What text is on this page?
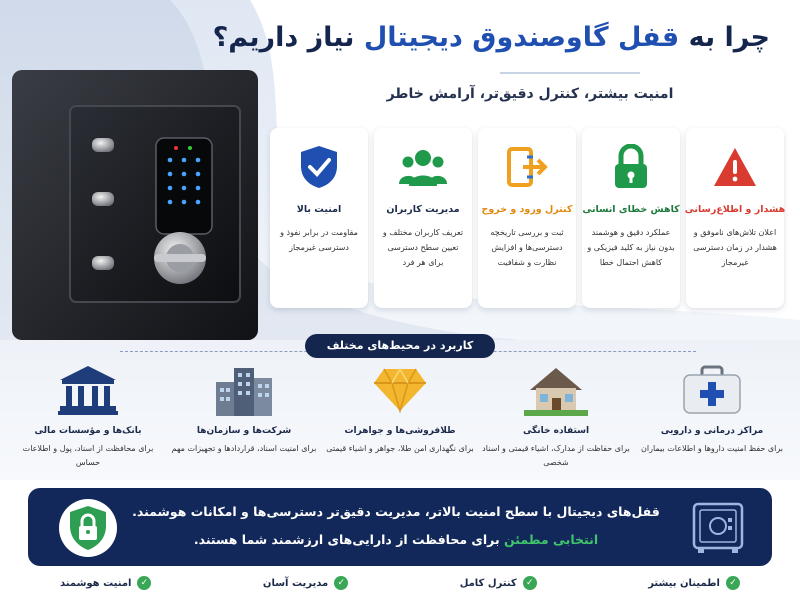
چرا به قفل گاوصندوق دیجیتال نیاز داریم؟
امنیت بیشتر، کنترل دقیق‌تر، آرامش خاطر
هشدار و اطلاع‌رسانی
اعلان تلاش‌های ناموفق و هشدار در زمان دسترسی غیرمجاز
کاهش خطای انسانی
عملکرد دقیق و هوشمند بدون نیاز به کلید فیزیکی و کاهش احتمال خطا
کنترل ورود و خروج
ثبت و بررسی تاریخچه دسترسی‌ها و افزایش نظارت و شفافیت
مدیریت کاربران
تعریف کاربران مختلف و تعیین سطح دسترسی برای هر فرد
امنیت بالا
مقاومت در برابر نفوذ و دسترسی غیرمجاز
کاربرد در محیط‌های مختلف
مراکز درمانی و دارویی
برای حفظ امنیت داروها و اطلاعات بیماران
استفاده خانگی
برای حفاظت از مدارک، اشیاء قیمتی و اسناد شخصی
طلافروشی‌ها و جواهرات
برای نگهداری امن طلا، جواهر و اشیاء قیمتی
شرکت‌ها و سازمان‌ها
برای امنیت اسناد، قراردادها و تجهیزات مهم
بانک‌ها و مؤسسات مالی
برای محافظت از اسناد، پول و اطلاعات حساس
قفل‌های دیجیتال با سطح امنیت بالاتر، مدیریت دقیق‌تر دسترسی‌ها و امکانات هوشمند.
انتخابی مطمئن برای محافظت از دارایی‌های ارزشمند شما هستند.
✓
اطمینان بیشتر
✓
کنترل کامل
✓
مدیریت آسان
✓
امنیت هوشمند
